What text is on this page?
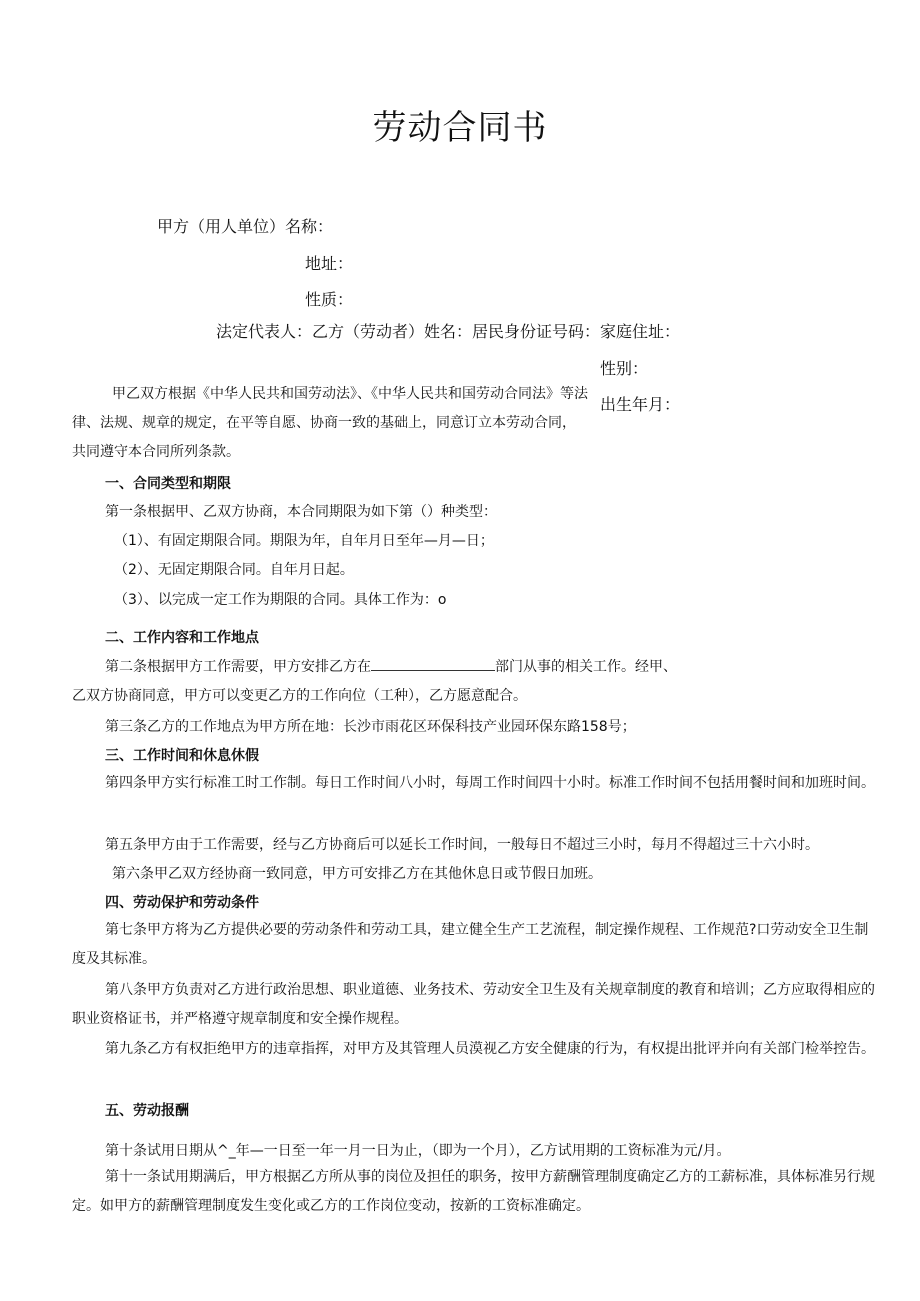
劳动合同书
甲方（用人单位）名称：
地址：
性质：
法定代表人：乙方（劳动者）姓名：居民身份证号码：家庭住址：
性别：
出生年月：
甲乙双方根据《中华人民共和国劳动法》、《中华人民共和国劳动合同法》等法律、法规、规章的规定，在平等自愿、协商一致的基础上，同意订立本劳动合同，共同遵守本合同所列条款。
一、合同类型和期限
第一条根据甲、乙双方协商，本合同期限为如下第（）种类型：
（1）、有固定期限合同。期限为年，自年月日至年—月—日；
（2）、无固定期限合同。自年月日起。
（3）、以完成一定工作为期限的合同。具体工作为：o
二、工作内容和工作地点
第二条根据甲方工作需要，甲方安排乙方在	部门从事的相关工作。经甲、
乙双方协商同意，甲方可以变更乙方的工作向位（工种），乙方愿意配合。
第三条乙方的工作地点为甲方所在地：长沙市雨花区环保科技产业园环保东路158号；
三、工作时间和休息休假
第四条甲方实行标准工时工作制。每日工作时间八小时，每周工作时间四十小时。标准工作时间不包括用餐时间和加班时间。
第五条甲方由于工作需要，经与乙方协商后可以延长工作时间，一般每日不超过三小时，每月不得超过三十六小时。
第六条甲乙双方经协商一致同意，甲方可安排乙方在其他休息日或节假日加班。
四、劳动保护和劳动条件
第七条甲方将为乙方提供必要的劳动条件和劳动工具，建立健全生产工艺流程，制定操作规程、工作规范?口劳动安全卫生制度及其标准。
第八条甲方负责对乙方进行政治思想、职业道德、业务技术、劳动安全卫生及有关规章制度的教育和培训；乙方应取得相应的职业资格证书，并严格遵守规章制度和安全操作规程。
第九条乙方有权拒绝甲方的违章指挥，对甲方及其管理人员漠视乙方安全健康的行为，有权提出批评并向有关部门检举控告。
五、劳动报酬
第十条试用日期从^_年—一日至一年一月一日为止，（即为一个月），乙方试用期的工资标准为元/月。
第十一条试用期满后，甲方根据乙方所从事的岗位及担任的职务，按甲方薪酬管理制度确定乙方的工薪标准，具体标准另行规定。如甲方的薪酬管理制度发生变化或乙方的工作岗位变动，按新的工资标准确定。
